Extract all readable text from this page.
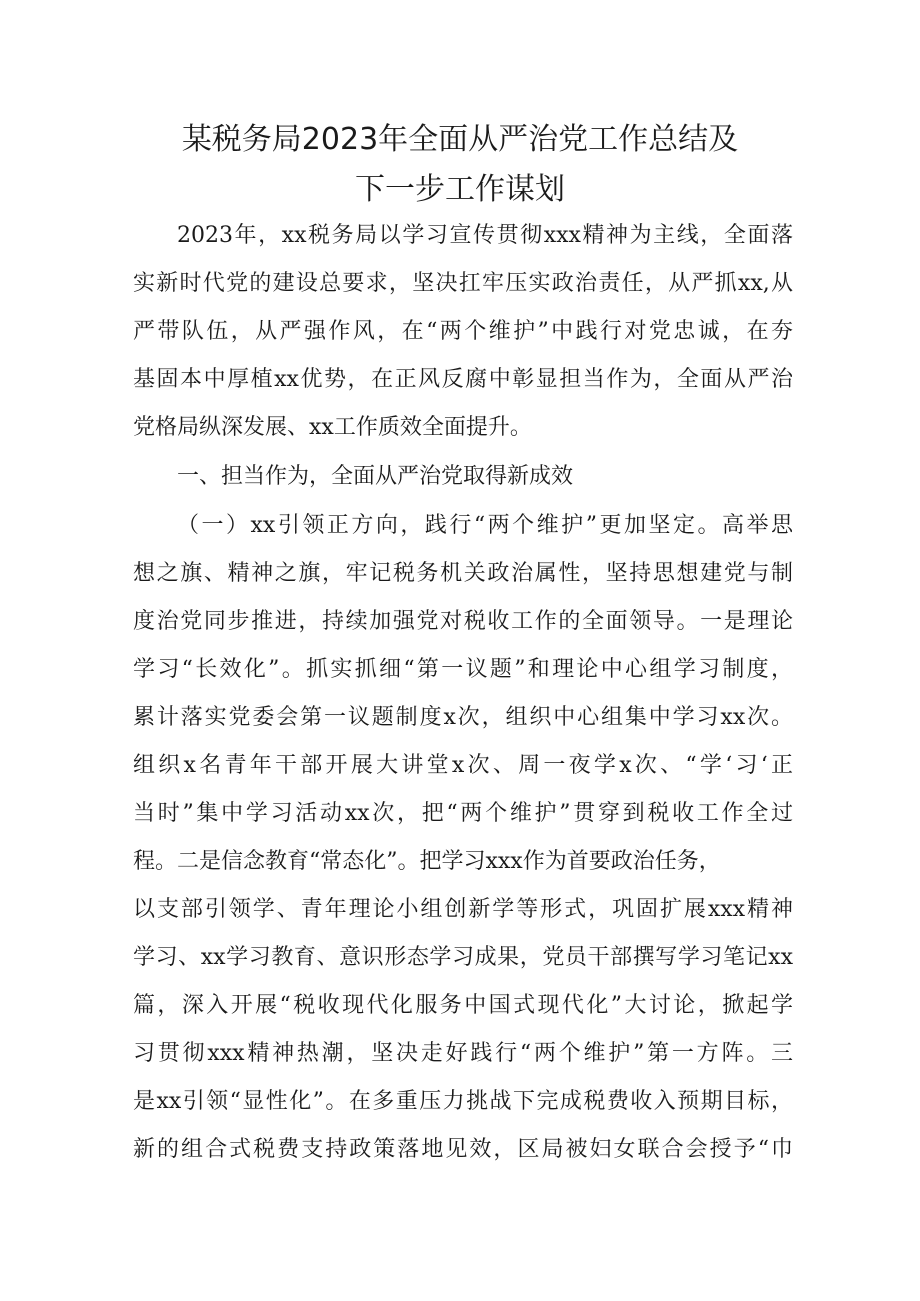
某税务局2023年全面从严治党工作总结及
下一步工作谋划
2023年，xx税务局以学习宣传贯彻xxx精神为主线，全面落
实新时代党的建设总要求，坚决扛牢压实政治责任，从严抓xx,从
严带队伍，从严强作风，在“两个维护”中践行对党忠诚，在夯
基固本中厚植xx优势，在正风反腐中彰显担当作为，全面从严治
党格局纵深发展、xx工作质效全面提升。
一、担当作为，全面从严治党取得新成效
（一）xx引领正方向，践行“两个维护”更加坚定。高举思
想之旗、精神之旗，牢记税务机关政治属性，坚持思想建党与制
度治党同步推进，持续加强党对税收工作的全面领导。一是理论
学习“长效化”。抓实抓细“第一议题”和理论中心组学习制度，
累计落实党委会第一议题制度x次，组织中心组集中学习xx次。
组织x名青年干部开展大讲堂x次、周一夜学x次、“学‘习‘正
当时”集中学习活动xx次，把“两个维护”贯穿到税收工作全过
程。二是信念教育“常态化”。把学习xxx作为首要政治任务，
以支部引领学、青年理论小组创新学等形式，巩固扩展xxx精神
学习、xx学习教育、意识形态学习成果，党员干部撰写学习笔记xx
篇，深入开展“税收现代化服务中国式现代化”大讨论，掀起学
习贯彻xxx精神热潮，坚决走好践行“两个维护”第一方阵。三
是xx引领“显性化”。在多重压力挑战下完成税费收入预期目标，
新的组合式税费支持政策落地见效，区局被妇女联合会授予“巾
